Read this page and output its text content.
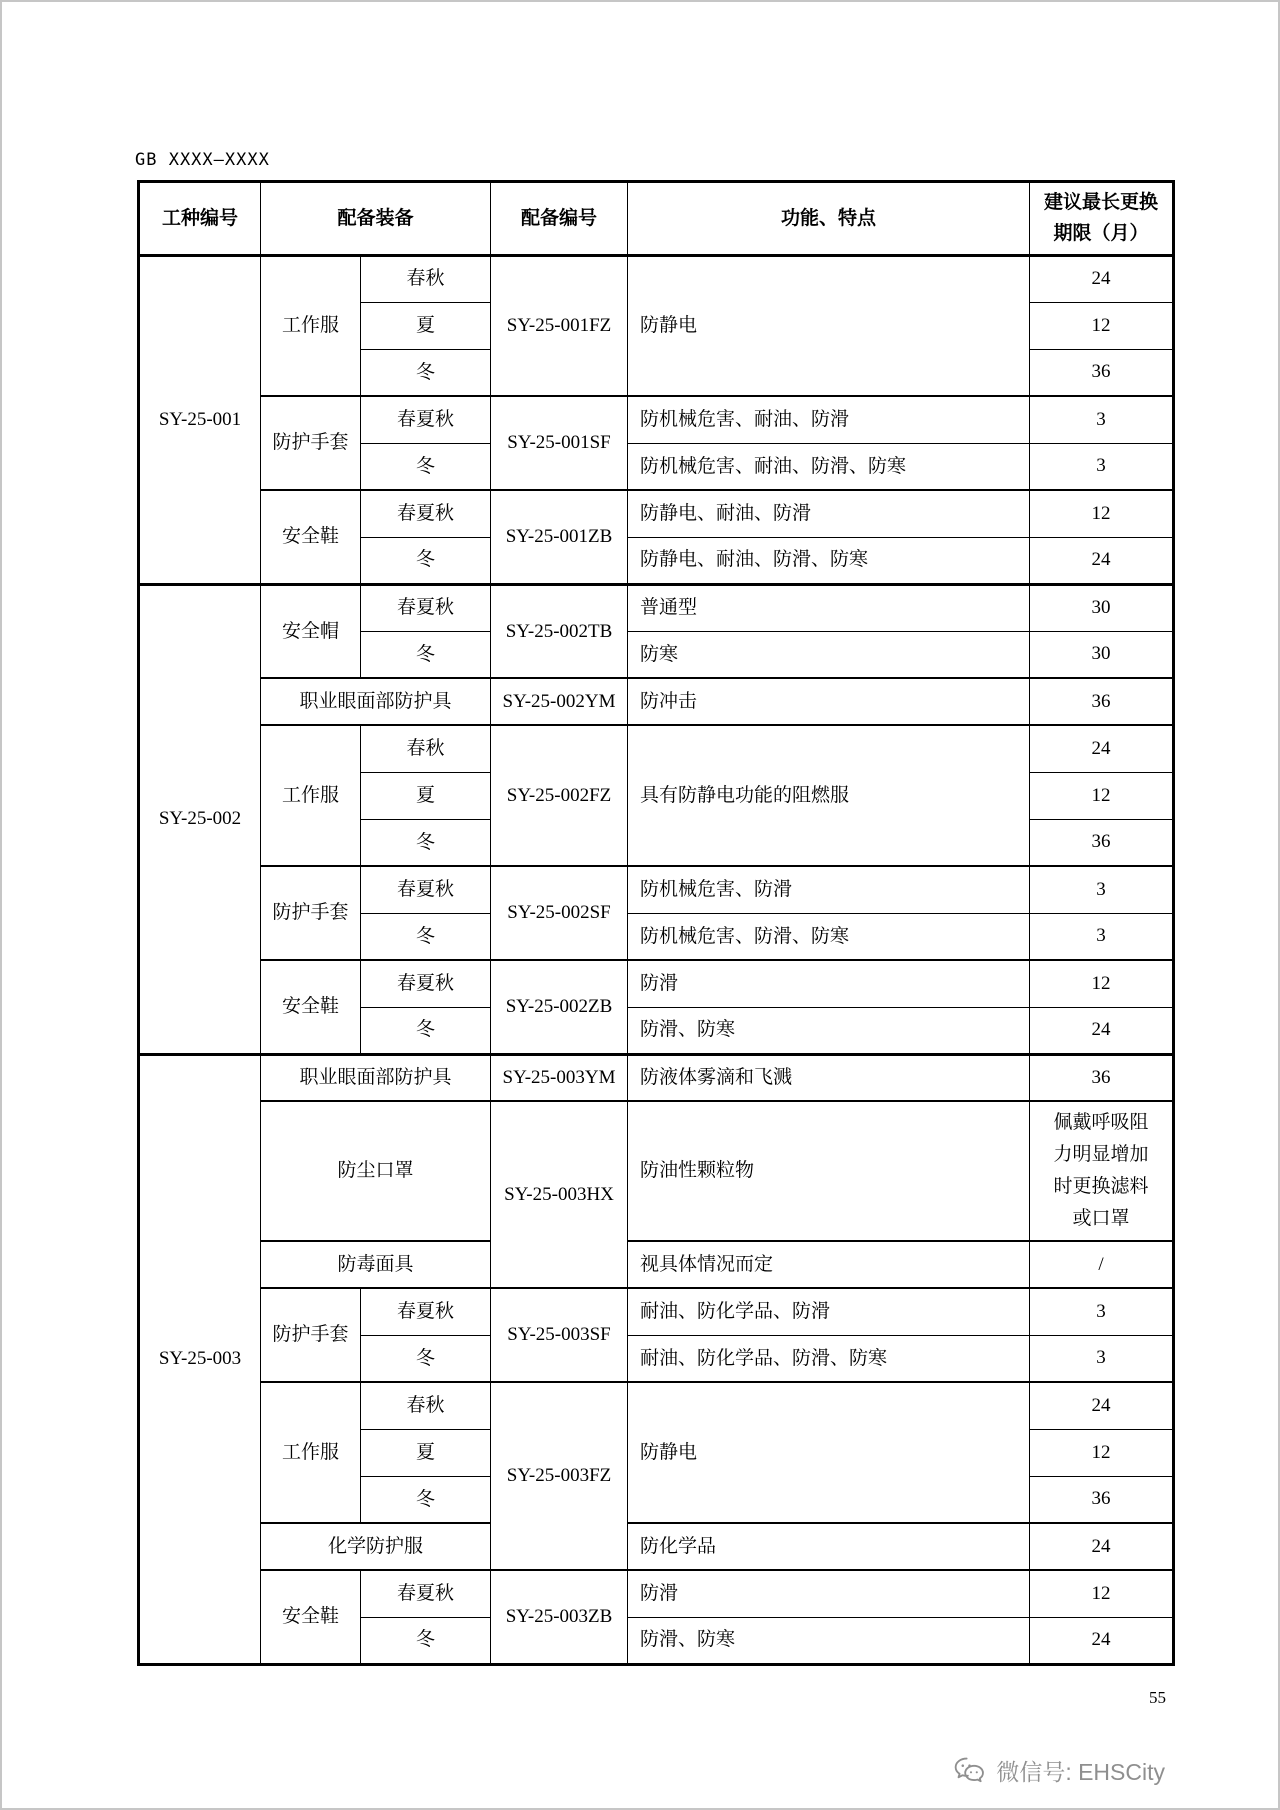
GB XXXX—XXXX
工种编号	配备装备		配备编号	功能、特点	建议最长更换期限（月）
SY-25-001	工作服	春秋	SY-25-001FZ	防静电	24
		夏			12
		冬			36
	防护手套	春夏秋	SY-25-001SF	防机械危害、耐油、防滑	3
		冬		防机械危害、耐油、防滑、防寒	3
	安全鞋	春夏秋	SY-25-001ZB	防静电、耐油、防滑	12
		冬		防静电、耐油、防滑、防寒	24
SY-25-002	安全帽	春夏秋	SY-25-002TB	普通型	30
		冬		防寒	30
	职业眼面部防护具		SY-25-002YM	防冲击	36
	工作服	春秋	SY-25-002FZ	具有防静电功能的阻燃服	24
		夏			12
		冬			36
	防护手套	春夏秋	SY-25-002SF	防机械危害、防滑	3
		冬		防机械危害、防滑、防寒	3
	安全鞋	春夏秋	SY-25-002ZB	防滑	12
		冬		防滑、防寒	24
SY-25-003	职业眼面部防护具		SY-25-003YM	防液体雾滴和飞溅	36
	防尘口罩		SY-25-003HX	防油性颗粒物	佩戴呼吸阻力明显增加时更换滤料或口罩
	防毒面具			视具体情况而定	/
	防护手套	春夏秋	SY-25-003SF	耐油、防化学品、防滑	3
		冬		耐油、防化学品、防滑、防寒	3
	工作服	春秋	SY-25-003FZ	防静电	24
		夏			12
		冬			36
	化学防护服			防化学品	24
	安全鞋	春夏秋	SY-25-003ZB	防滑	12
		冬		防滑、防寒	24
55
微信号: EHSCity
